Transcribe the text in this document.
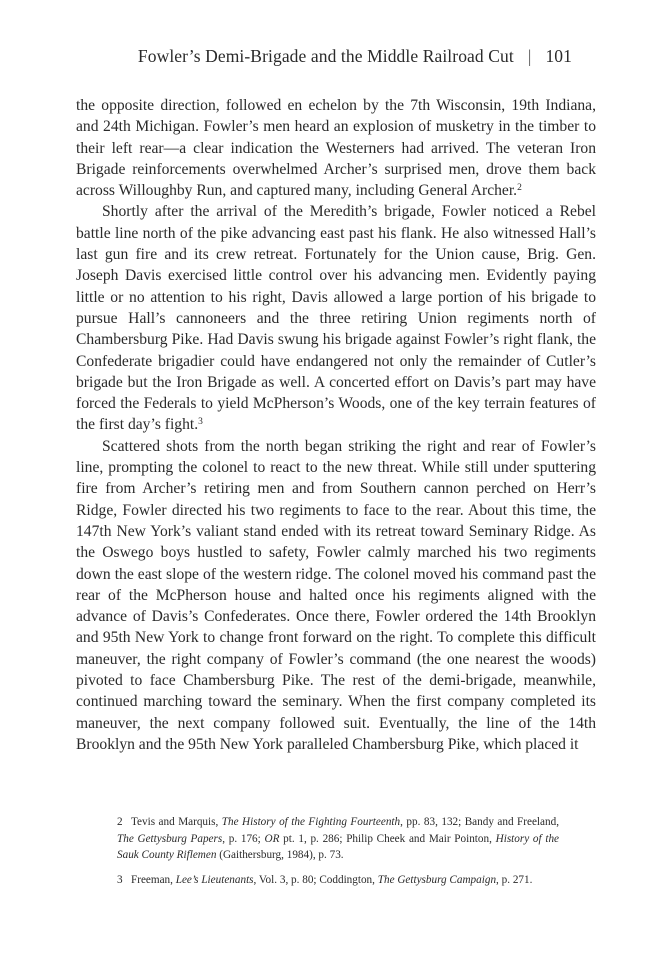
Fowler’s Demi-Brigade and the Middle Railroad Cut | 101

the opposite direction, followed en echelon by the 7th Wisconsin, 19th Indiana, and 24th Michigan. Fowler’s men heard an explosion of musketry in the timber to their left rear—a clear indication the Westerners had arrived. The veteran Iron Brigade reinforcements overwhelmed Archer’s surprised men, drove them back across Willoughby Run, and captured many, including General Archer.$^2$

Shortly after the arrival of the Meredith’s brigade, Fowler noticed a Rebel battle line north of the pike advancing east past his flank. He also witnessed Hall’s last gun fire and its crew retreat. Fortunately for the Union cause, Brig. Gen. Joseph Davis exercised little control over his advancing men. Evidently paying little or no attention to his right, Davis allowed a large portion of his brigade to pursue Hall’s cannoneers and the three retiring Union regiments north of Chambersburg Pike. Had Davis swung his brigade against Fowler’s right flank, the Confederate brigadier could have endangered not only the remainder of Cutler’s brigade but the Iron Brigade as well. A concerted effort on Davis’s part may have forced the Federals to yield McPherson’s Woods, one of the key terrain features of the first day’s fight.$^3$

Scattered shots from the north began striking the right and rear of Fowler’s line, prompting the colonel to react to the new threat. While still under sputtering fire from Archer’s retiring men and from Southern cannon perched on Herr’s Ridge, Fowler directed his two regiments to face to the rear. About this time, the 147th New York’s valiant stand ended with its retreat toward Seminary Ridge. As the Oswego boys hustled to safety, Fowler calmly marched his two regiments down the east slope of the western ridge. The colonel moved his command past the rear of the McPherson house and halted once his regiments aligned with the advance of Davis’s Confederates. Once there, Fowler ordered the 14th Brooklyn and 95th New York to change front forward on the right. To complete this difficult maneuver, the right company of Fowler’s command (the one nearest the woods) pivoted to face Chambersburg Pike. The rest of the demi-brigade, meanwhile, continued marching toward the seminary. When the first company completed its maneuver, the next company followed suit. Eventually, the line of the 14th Brooklyn and the 95th New York paralleled Chambersburg Pike, which placed it

2 Tevis and Marquis, The History of the Fighting Fourteenth, pp. 83, 132; Bandy and Freeland, The Gettysburg Papers, p. 176; OR pt. 1, p. 286; Philip Cheek and Mair Pointon, History of the Sauk County Riflemen (Gaithersburg, 1984), p. 73.

3 Freeman, Lee’s Lieutenants, Vol. 3, p. 80; Coddington, The Gettysburg Campaign, p. 271.
